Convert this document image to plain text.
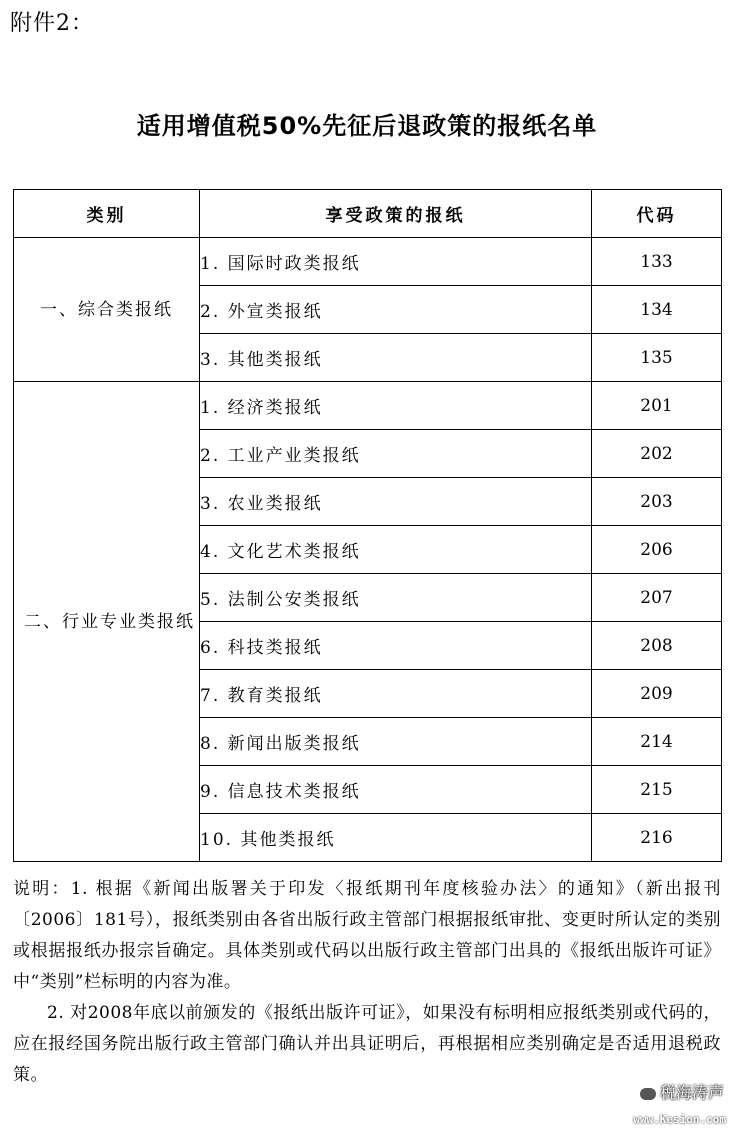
附件2：
适用增值税50%先征后退政策的报纸名单
类别	享受政策的报纸	代码
一、综合类报纸	1. 国际时政类报纸	133
	2. 外宣类报纸	134
	3. 其他类报纸	135
二、行业专业类报纸	1. 经济类报纸	201
	2. 工业产业类报纸	202
	3. 农业类报纸	203
	4. 文化艺术类报纸	206
	5. 法制公安类报纸	207
	6. 科技类报纸	208
	7. 教育类报纸	209
	8. 新闻出版类报纸	214
	9. 信息技术类报纸	215
	10. 其他类报纸	216

说明：1. 根据《新闻出版署关于印发〈报纸期刊年度核验办法〉的通知》（新出报刊〔2006〕181号），报纸类别由各省出版行政主管部门根据报纸审批、变更时所认定的类别或根据报纸办报宗旨确定。具体类别或代码以出版行政主管部门出具的《报纸出版许可证》中“类别”栏标明的内容为准。

2. 对2008年底以前颁发的《报纸出版许可证》，如果没有标明相应报纸类别或代码的，应在报经国务院出版行政主管部门确认并出具证明后，再根据相应类别确定是否适用退税政策。

税海涛声
www.Kesion.com
